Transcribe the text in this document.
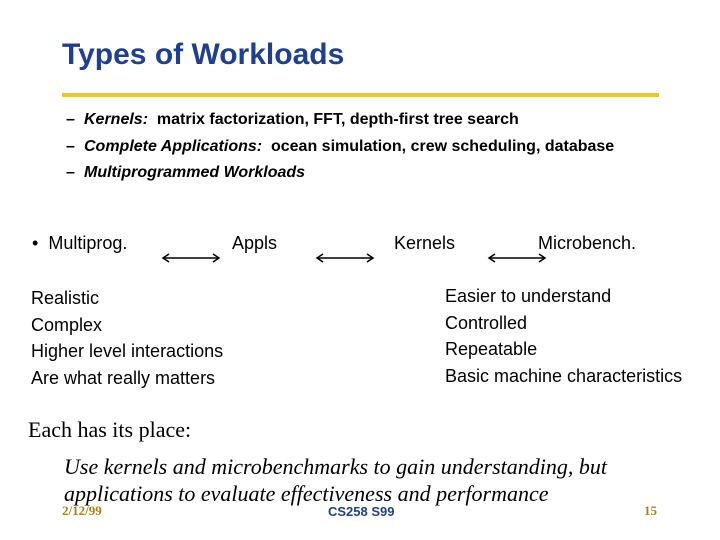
Types of Workloads
– Kernels:  matrix factorization, FFT, depth-first tree search
– Complete Applications:  ocean simulation, crew scheduling, database
– Multiprogrammed Workloads
• Multiprog.	Appls	Kernels	Microbench.
Realistic
Complex
Higher level interactions
Are what really matters
Easier to understand
Controlled
Repeatable
Basic machine characteristics
Each has its place:
Use kernels and microbenchmarks to gain understanding, but
applications to evaluate effectiveness and performance
2/12/99	CS258 S99	15
